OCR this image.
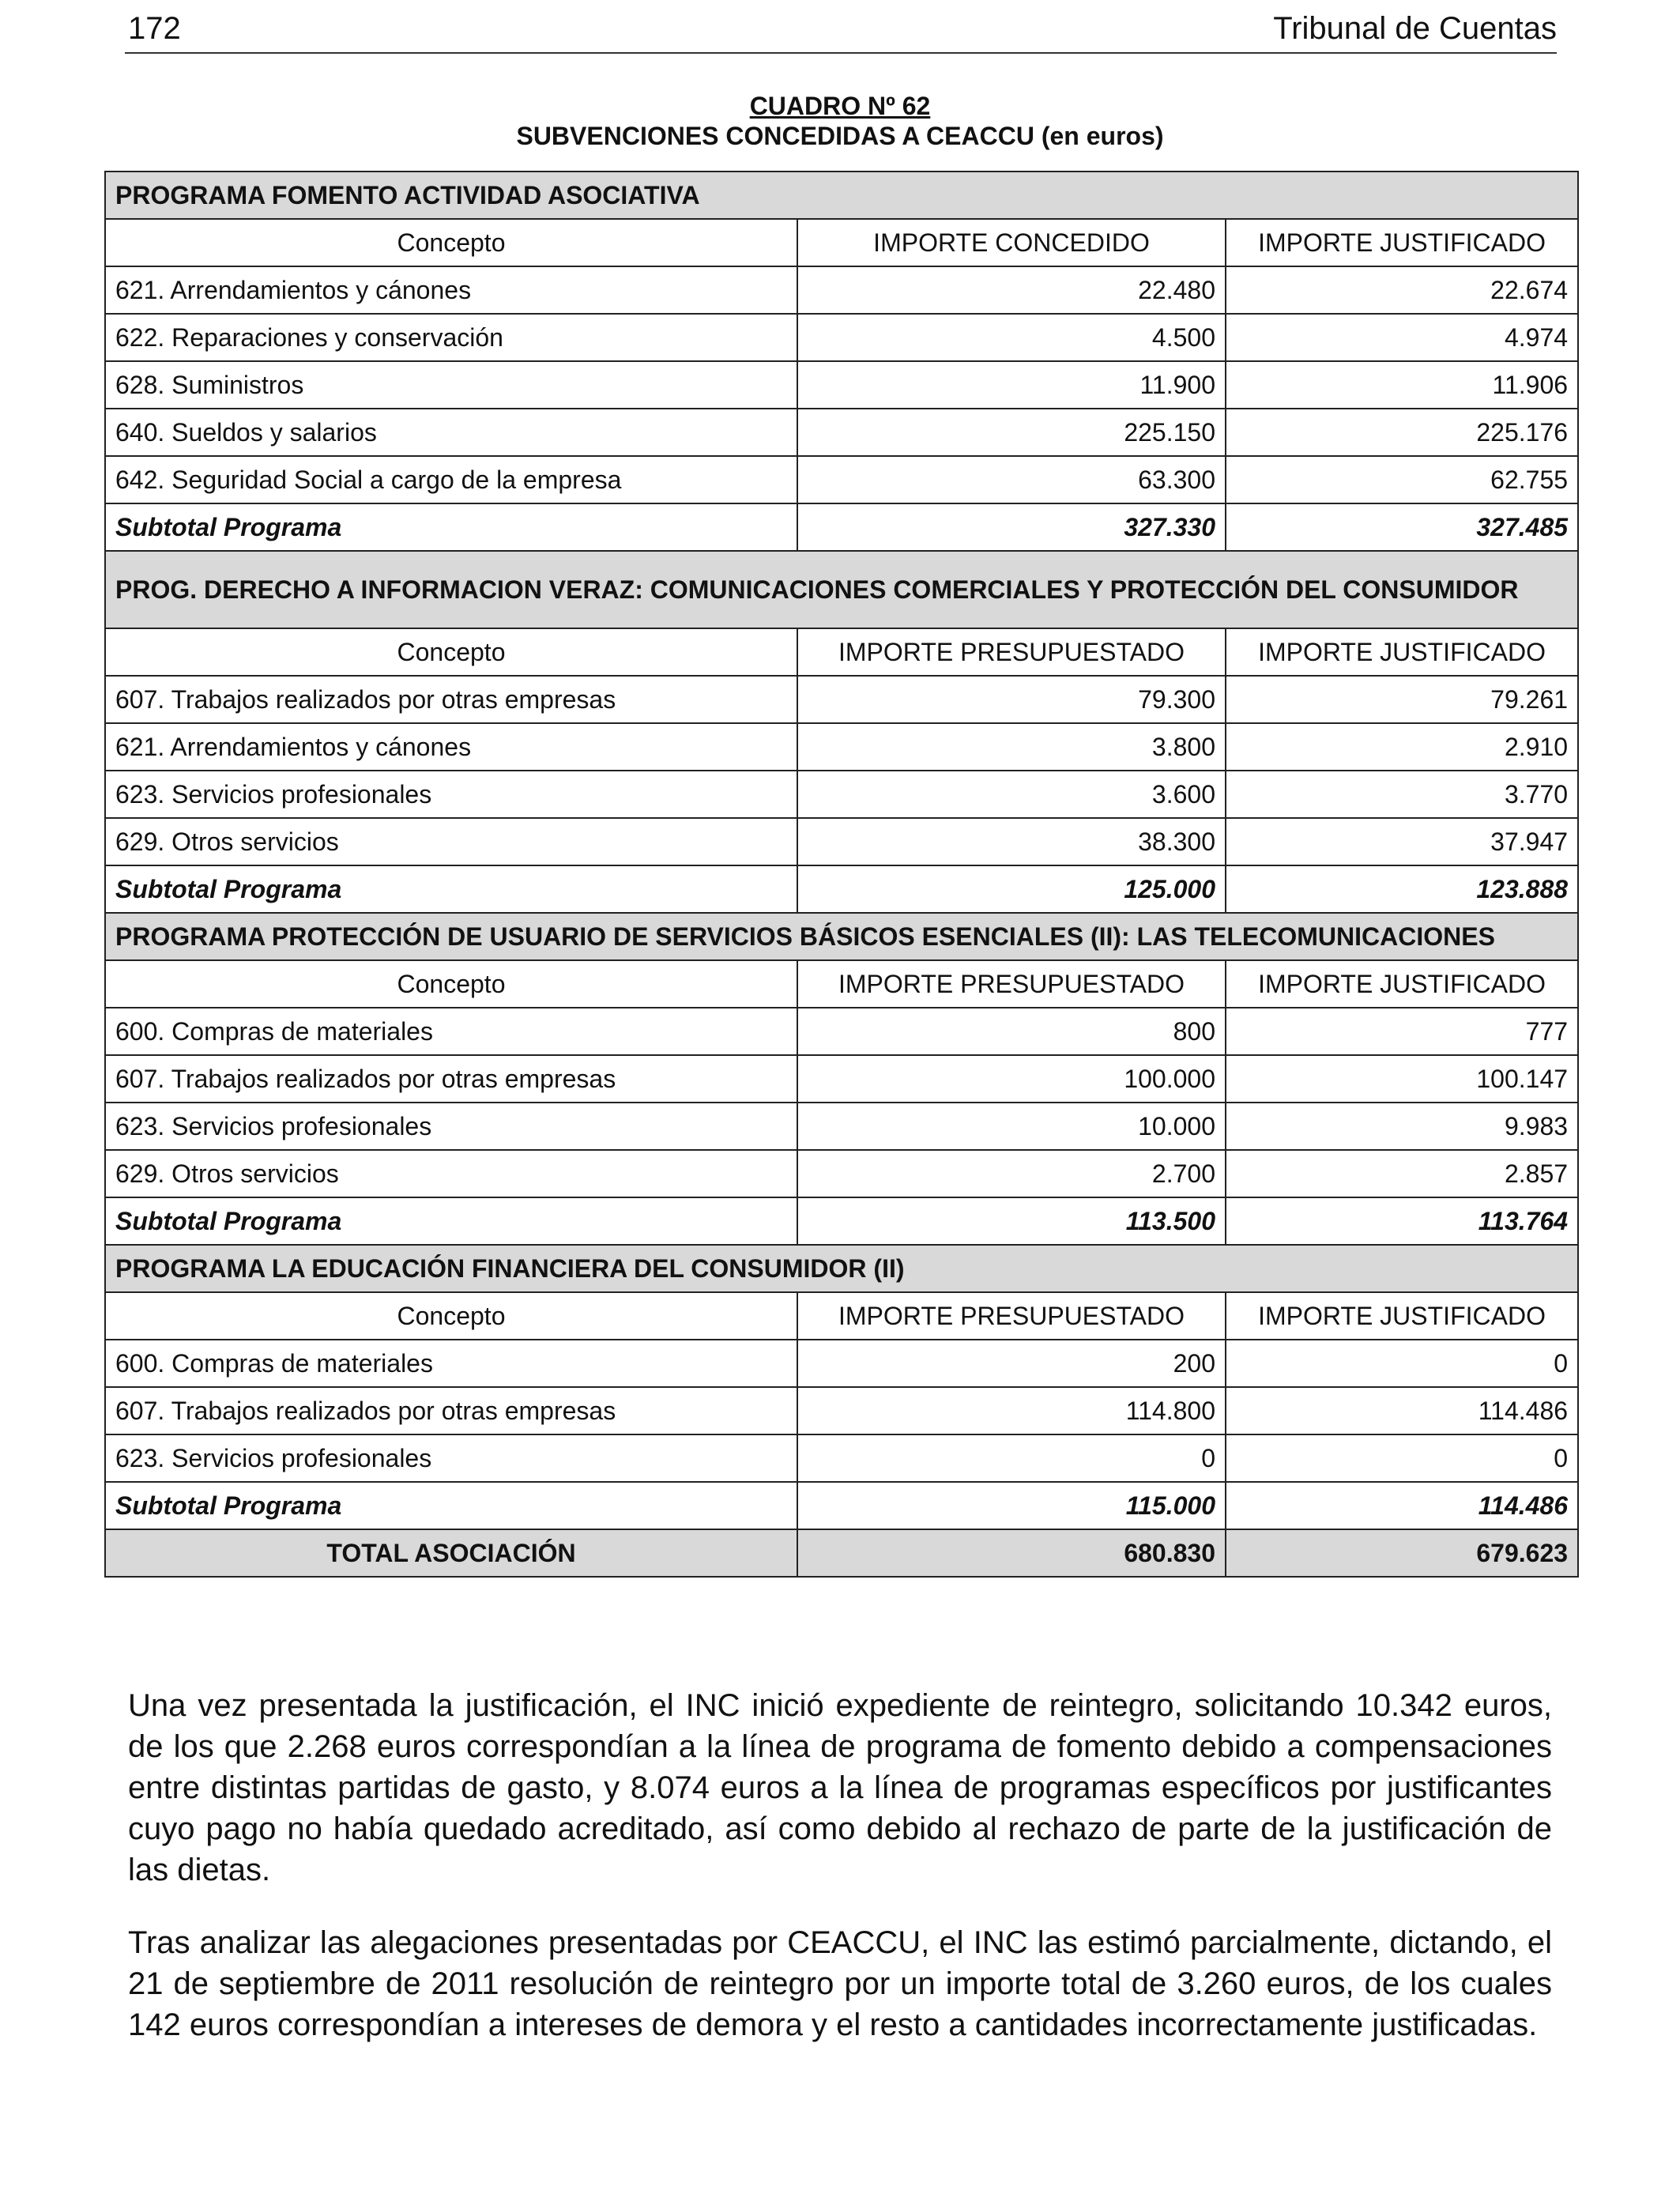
172	Tribunal de Cuentas
CUADRO Nº 62
SUBVENCIONES CONCEDIDAS A CEACCU (en euros)
PROGRAMA FOMENTO ACTIVIDAD ASOCIATIVA		
Concepto	IMPORTE CONCEDIDO	IMPORTE JUSTIFICADO
621. Arrendamientos y cánones	22.480	22.674
622. Reparaciones y conservación	4.500	4.974
628. Suministros	11.900	11.906
640. Sueldos y salarios	225.150	225.176
642. Seguridad Social a cargo de la empresa	63.300	62.755
Subtotal Programa	327.330	327.485
PROG. DERECHO A INFORMACION VERAZ: COMUNICACIONES COMERCIALES Y PROTECCIÓN DEL CONSUMIDOR		
Concepto	IMPORTE PRESUPUESTADO	IMPORTE JUSTIFICADO
607. Trabajos realizados por otras empresas	79.300	79.261
621. Arrendamientos y cánones	3.800	2.910
623. Servicios profesionales	3.600	3.770
629. Otros servicios	38.300	37.947
Subtotal Programa	125.000	123.888
PROGRAMA PROTECCIÓN DE USUARIO DE SERVICIOS BÁSICOS ESENCIALES (II): LAS TELECOMUNICACIONES		
Concepto	IMPORTE PRESUPUESTADO	IMPORTE JUSTIFICADO
600. Compras de materiales	800	777
607. Trabajos realizados por otras empresas	100.000	100.147
623. Servicios profesionales	10.000	9.983
629. Otros servicios	2.700	2.857
Subtotal Programa	113.500	113.764
PROGRAMA LA EDUCACIÓN FINANCIERA DEL CONSUMIDOR (II)		
Concepto	IMPORTE PRESUPUESTADO	IMPORTE JUSTIFICADO
600. Compras de materiales	200	0
607. Trabajos realizados por otras empresas	114.800	114.486
623. Servicios profesionales	0	0
Subtotal Programa	115.000	114.486
TOTAL ASOCIACIÓN	680.830	679.623

Una vez presentada la justificación, el INC inició expediente de reintegro, solicitando 10.342 euros, de los que 2.268 euros correspondían a la línea de programa de fomento debido a compensaciones entre distintas partidas de gasto, y 8.074 euros a la línea de programas específicos por justificantes cuyo pago no había quedado acreditado, así como debido al rechazo de parte de la justificación de las dietas.

Tras analizar las alegaciones presentadas por CEACCU, el INC las estimó parcialmente, dictando, el 21 de septiembre de 2011 resolución de reintegro por un importe total de 3.260 euros, de los cuales 142 euros correspondían a intereses de demora y el resto a cantidades incorrectamente justificadas.
